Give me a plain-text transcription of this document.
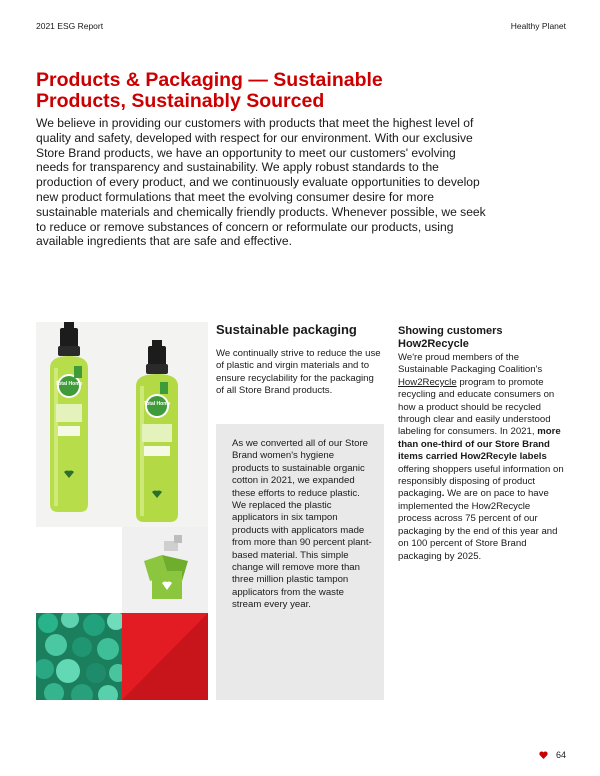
2021 ESG Report	Healthy Planet
Products & Packaging — Sustainable Products, Sustainably Sourced

We believe in providing our customers with products that meet the highest level of quality and safety, developed with respect for our environment. With our exclusive Store Brand products, we have an opportunity to meet our customers' evolving needs for transparency and sustainability. We apply robust standards to the production of every product, and we continuously evaluate opportunities to develop new product formulations that meet the evolving consumer desire for more sustainable materials and chemically friendly products. Whenever possible, we seek to reduce or remove substances of concern or reformulate our products, using available ingredients that are safe and effective.

Total Home
Total Home
Sustainable packaging

We continually strive to reduce the use of plastic and virgin materials and to ensure recyclability for the packaging of all Store Brand products.

As we converted all of our Store Brand women's hygiene products to sustainable organic cotton in 2021, we expanded these efforts to reduce plastic. We replaced the plastic applicators in six tampon products with applicators made from more than 90 percent plant-based material. This simple change will remove more than three million plastic tampon applicators from the waste stream every year.

Showing customers How2Recycle

We're proud members of the Sustainable Packaging Coalition's How2Recycle program to promote recycling and educate consumers on how a product should be recycled through clear and easily understood labeling for consumers. In 2021, more than one-third of our Store Brand items carried How2Recyle labels offering shoppers useful information on responsibly disposing of product packaging. We are on pace to have implemented the How2Recycle process across 75 percent of our packaging by the end of this year and on 100 percent of Store Brand packaging by 2025.

64
